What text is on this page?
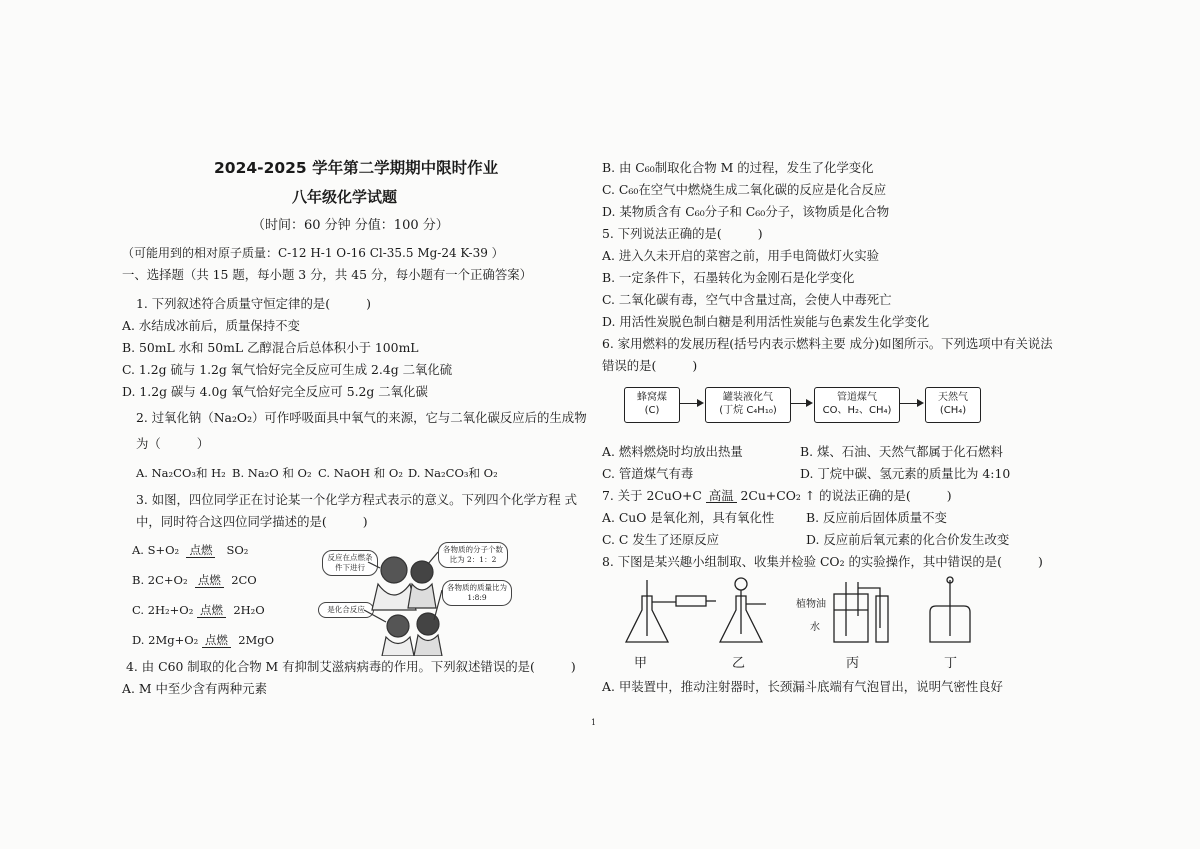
2024-2025 学年第二学期期中限时作业
八年级化学试题
（时间：60 分钟 分值：100 分）
（可能用到的相对原子质量：C-12 H-1 O-16 Cl-35.5 Mg-24 K-39 ）
一、选择题（共 15 题，每小题 3 分，共 45 分，每小题有一个正确答案）
1. 下列叙述符合质量守恒定律的是(	)
A. 水结成冰前后，质量保持不变
B. 50mL 水和 50mL 乙醇混合后总体积小于 100mL
C. 1.2g 硫与 1.2g 氧气恰好完全反应可生成 2.4g 二氧化硫
D. 1.2g 碳与 4.0g 氧气恰好完全反应可 5.2g 二氧化碳
2. 过氧化钠（Na₂O₂）可作呼吸面具中氧气的来源，它与二氧化碳反应后的生成物
为（	）
A. Na₂CO₃和 H₂ B. Na₂O 和 O₂ C. NaOH 和 O₂ D. Na₂CO₃和 O₂
3. 如图，四位同学正在讨论某一个化学方程式表示的意义。下列四个化学方程 式
中，同时符合这四位同学描述的是(	)
A. S+O₂ 点燃 SO₂
B. 2C+O₂ 点燃 2CO
C. 2H₂+O₂ 点燃 2H₂O
D. 2Mg+O₂ 点燃 2MgO
反应在点燃条件下进行
各物质的分子个数比为 2：1：2
各物质的质量比为 1:8:9
是化合反应
4. 由 C60 制取的化合物 M 有抑制艾滋病病毒的作用。下列叙述错误的是(	)
A. M 中至少含有两种元素
B. 由 C₆₀制取化合物 M 的过程，发生了化学变化
C. C₆₀在空气中燃烧生成二氧化碳的反应是化合反应
D. 某物质含有 C₆₀分子和 C₆₀分子，该物质是化合物
5. 下列说法正确的是(	)
A. 进入久未开启的菜窖之前，用手电筒做灯火实验
B. 一定条件下，石墨转化为金刚石是化学变化
C. 二氧化碳有毒，空气中含量过高，会使人中毒死亡
D. 用活性炭脱色制白糖是利用活性炭能与色素发生化学变化
6. 家用燃料的发展历程(括号内表示燃料主要 成分)如图所示。下列选项中有关说法
错误的是(	)
蜂窝煤
(C)
罐装液化气
(丁烷 C₄H₁₀)
管道煤气
CO、H₂、CH₄)
天然气
(CH₄)
A. 燃料燃烧时均放出热量	B. 煤、石油、天然气都属于化石燃料
C. 管道煤气有毒	D. 丁烷中碳、氢元素的质量比为 4:10
7. 关于 2CuO+C 高温 2Cu+CO₂ ↑ 的说法正确的是(	)
A. CuO 是氧化剂，具有氧化性	B. 反应前后固体质量不变
C. C 发生了还原反应	D. 反应前后氧元素的化合价发生改变
8. 下图是某兴趣小组制取、收集并检验 CO₂ 的实验操作，其中错误的是(	)
植物油
水
甲	乙	丙	丁
A. 甲装置中，推动注射器时，长颈漏斗底端有气泡冒出，说明气密性良好
1
